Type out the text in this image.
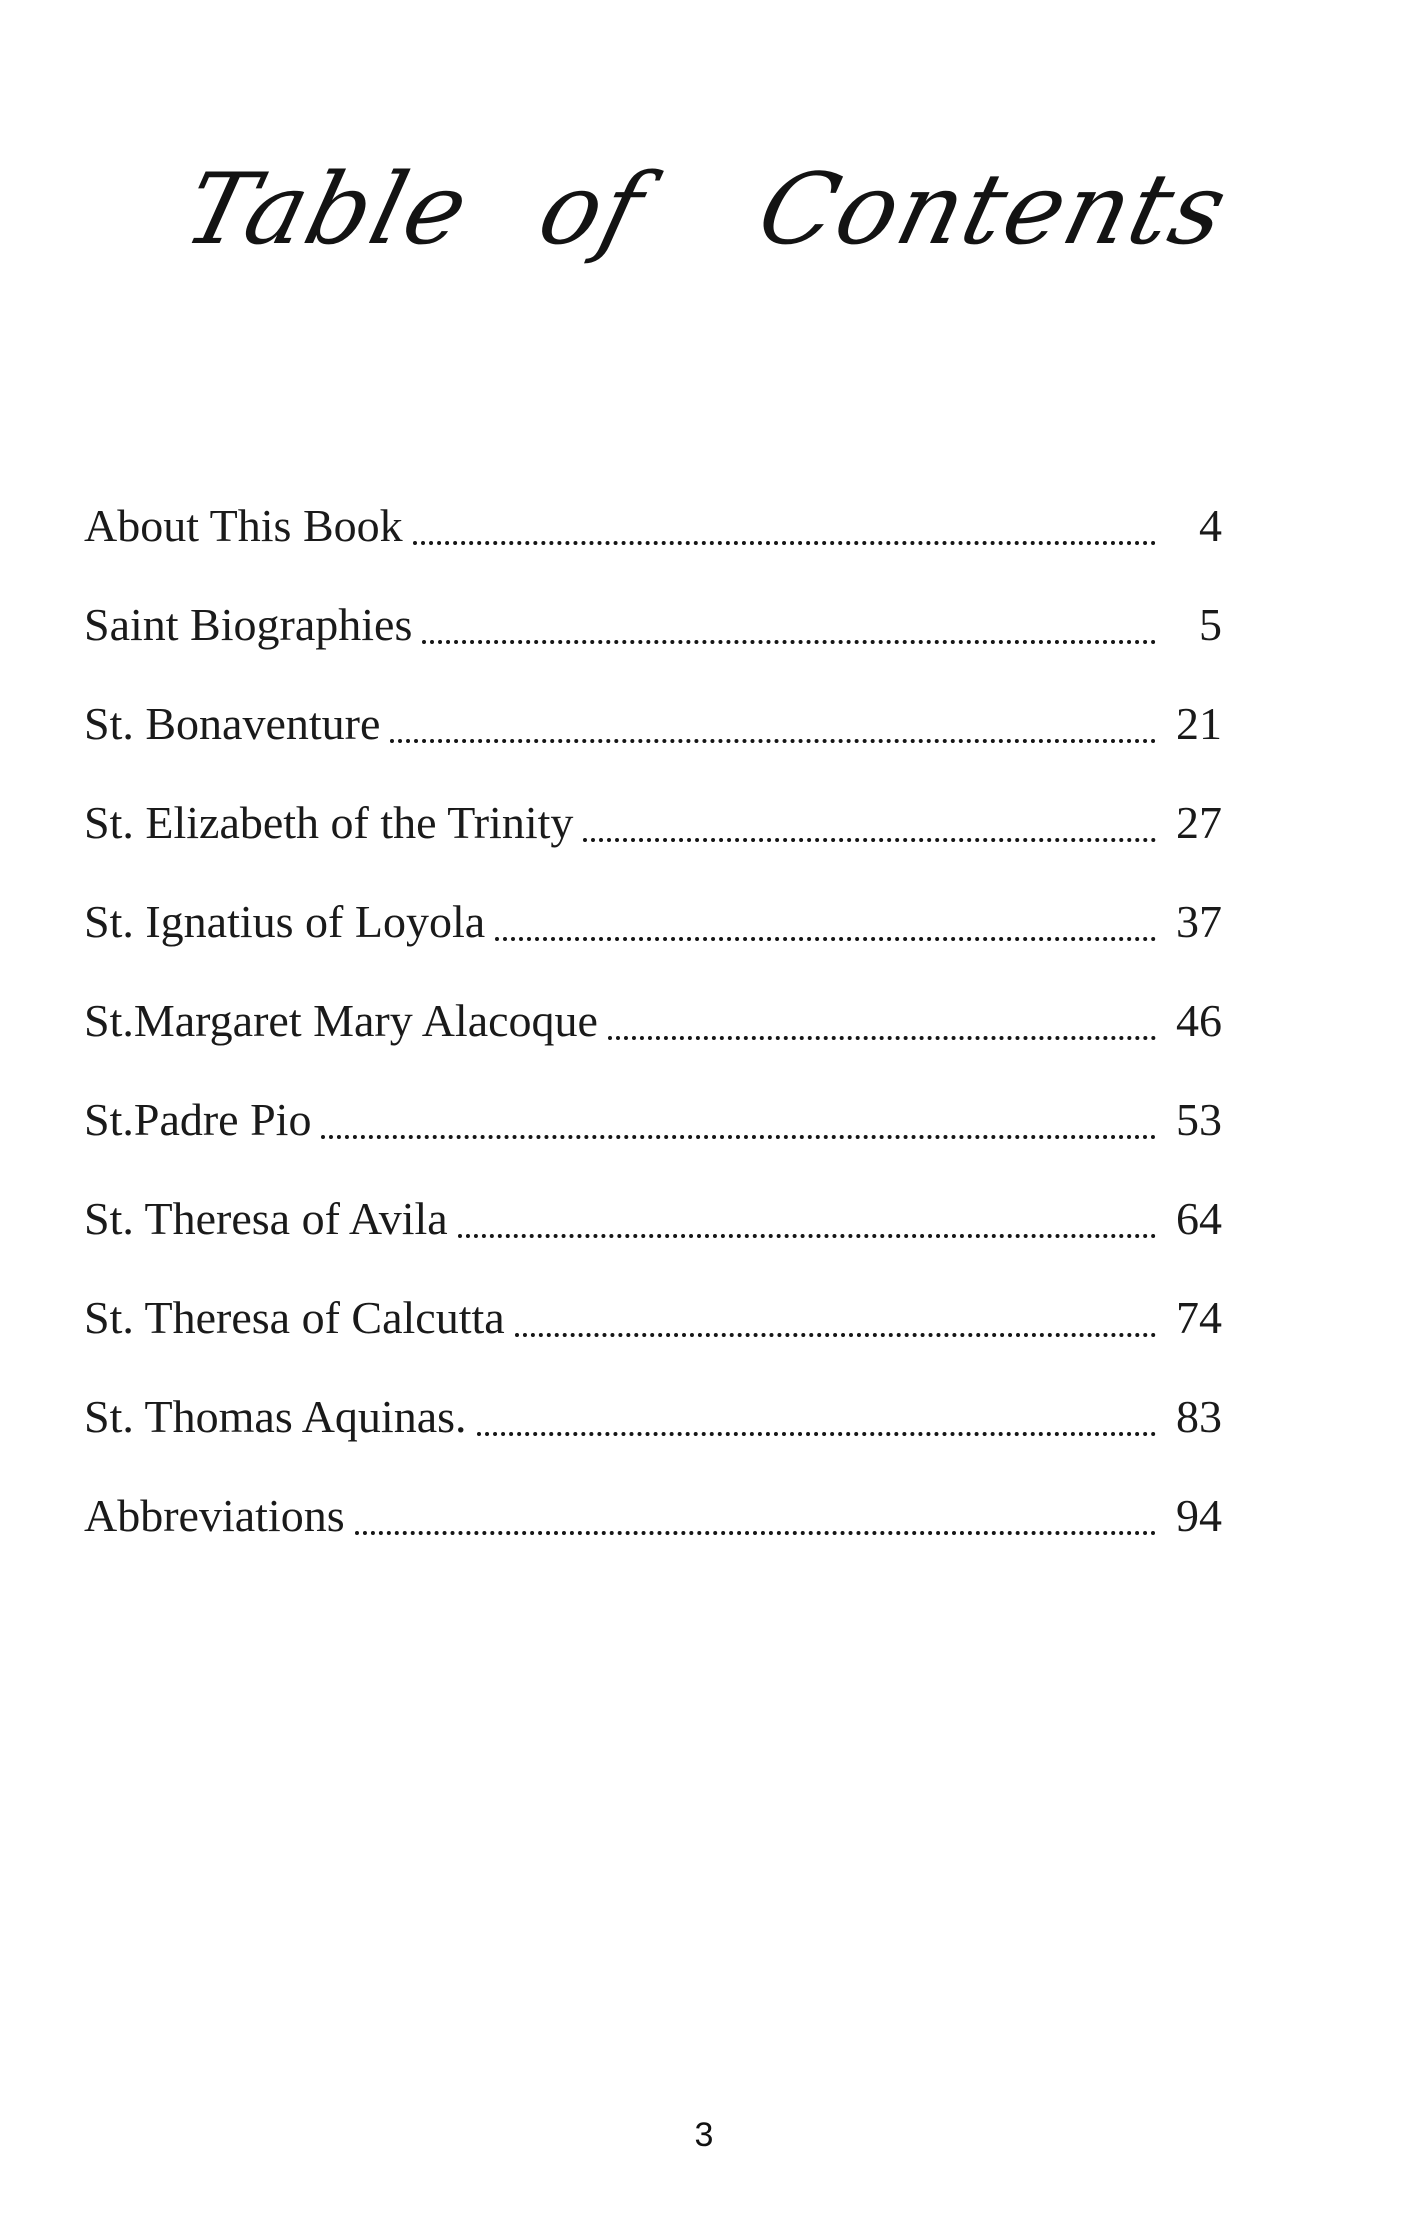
Table of Contents
About This Book	4
Saint Biographies	5
St. Bonaventure	21
St. Elizabeth of the Trinity	27
St. Ignatius of Loyola	37
St.Margaret Mary Alacoque	46
St.Padre Pio	53
St. Theresa of Avila	64
St. Theresa of Calcutta	74
St. Thomas Aquinas.	83
Abbreviations	94
3
